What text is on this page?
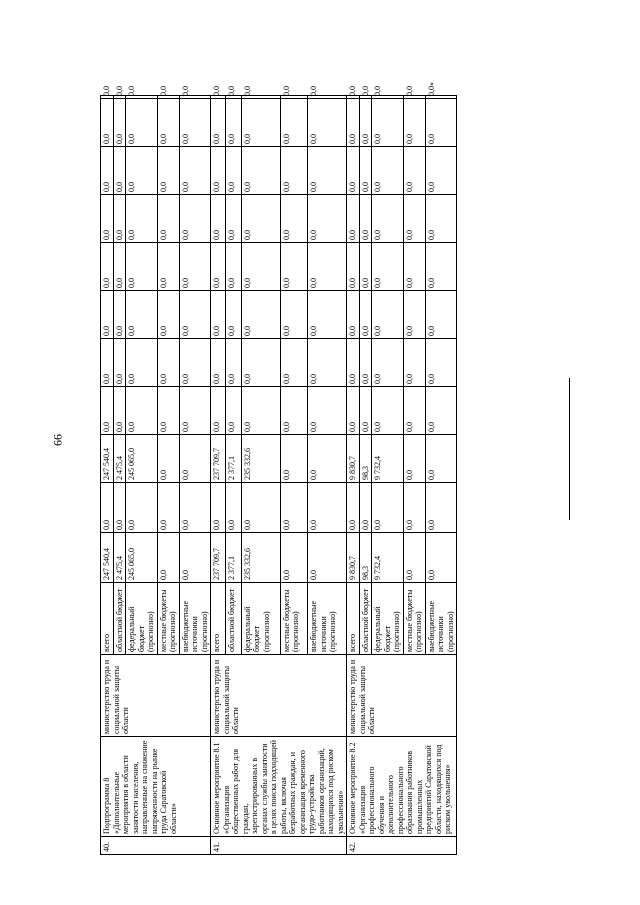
66
40.	Подпрограмма 8 «Дополнительные мероприятия в области занятости населения, направленные на снижение напряженности на рынке труда Саратовской области»	министерство труда и социальной защиты области	всего	247 540,4	0,0	247 540,4	0,0	0,0	0,0	0,0	0,0	0,0	0,0	0,0
			областной бюджет	2 475,4	0,0	2 475,4	0,0	0,0	0,0	0,0	0,0	0,0	0,0	0,0
			федеральный бюджет (прогнозно)	245 065,0	0,0	245 065,0	0,0	0,0	0,0	0,0	0,0	0,0	0,0	0,0
			местные бюджеты (прогнозно)	0,0	0,0	0,0	0,0	0,0	0,0	0,0	0,0	0,0	0,0	0,0
			внебюджетные источники (прогнозно)	0,0	0,0	0,0	0,0	0,0	0,0	0,0	0,0	0,0	0,0	0,0
41.	Основное мероприятие 8.1 «Организация общественных работ для граждан, зарегистрированных в органах службы занятости в целях поиска подходящей работы, включая безработных граждан, и организация временного трудо-устройства работников организаций, находящихся под риском увольнения»	министерство труда и социальной защиты области	всего	237 709,7	0,0	237 709,7	0,0	0,0	0,0	0,0	0,0	0,0	0,0	0,0
			областной бюджет	2 377,1	0,0	2 377,1	0,0	0,0	0,0	0,0	0,0	0,0	0,0	0,0
			федеральный бюджет (прогнозно)	235 332,6	0,0	235 332,6	0,0	0,0	0,0	0,0	0,0	0,0	0,0	0,0
			местные бюджеты (прогнозно)	0,0	0,0	0,0	0,0	0,0	0,0	0,0	0,0	0,0	0,0	0,0
			внебюджетные источники (прогнозно)	0,0	0,0	0,0	0,0	0,0	0,0	0,0	0,0	0,0	0,0	0,0
42.	Основное мероприятие 8.2 «Организация профессионального обучения и дополнительного профессионального образования работников промышленных предприятий Саратовской области, находящихся под риском увольнения»	министерство труда и социальной защиты области	всего	9 830,7	0,0	9 830,7	0,0	0,0	0,0	0,0	0,0	0,0	0,0	0,0
			областной бюджет	98,3	0,0	98,3	0,0	0,0	0,0	0,0	0,0	0,0	0,0	0,0
			федеральный бюджет (прогнозно)	9 732,4	0,0	9 732,4	0,0	0,0	0,0	0,0	0,0	0,0	0,0	0,0
			местные бюджеты (прогнозно)	0,0	0,0	0,0	0,0	0,0	0,0	0,0	0,0	0,0	0,0	0,0
			внебюджетные источники (прогнозно)	0,0	0,0	0,0	0,0	0,0	0,0	0,0	0,0	0,0	0,0	0,0»
